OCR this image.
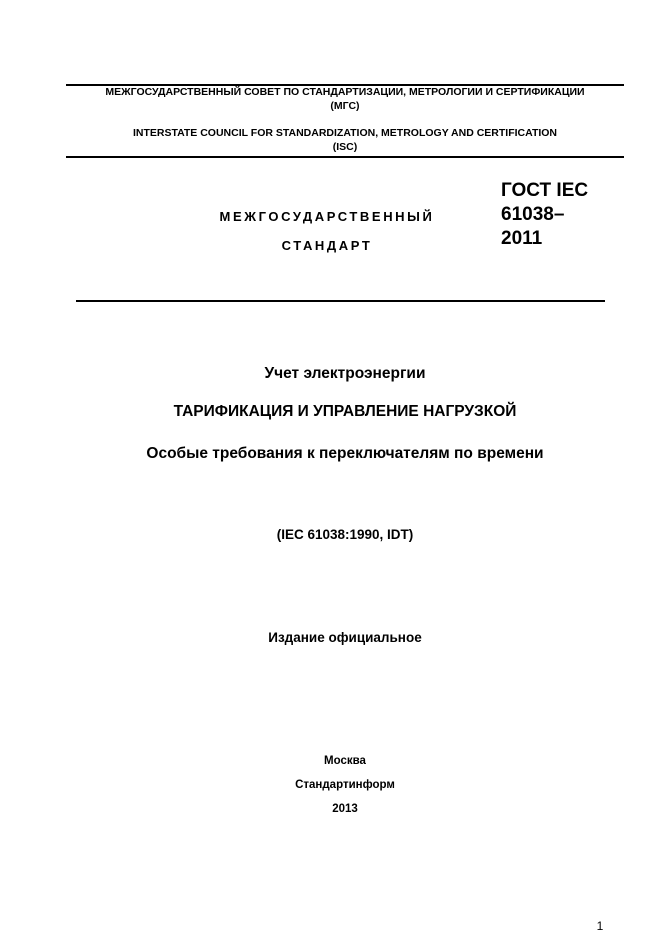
МЕЖГОСУДАРСТВЕННЫЙ СОВЕТ ПО СТАНДАРТИЗАЦИИ, МЕТРОЛОГИИ И СЕРТИФИКАЦИИ
(МГС)
INTERSTATE COUNCIL FOR STANDARDIZATION, METROLOGY AND CERTIFICATION
(ISC)
МЕЖГОСУДАРСТВЕННЫЙ
СТАНДАРТ
ГОСТ IEC
61038–
2011
Учет электроэнергии
ТАРИФИКАЦИЯ И УПРАВЛЕНИЕ НАГРУЗКОЙ
Особые требования к переключателям по времени
(IEC 61038:1990, IDT)
Издание официальное
Москва
Стандартинформ
2013
1
